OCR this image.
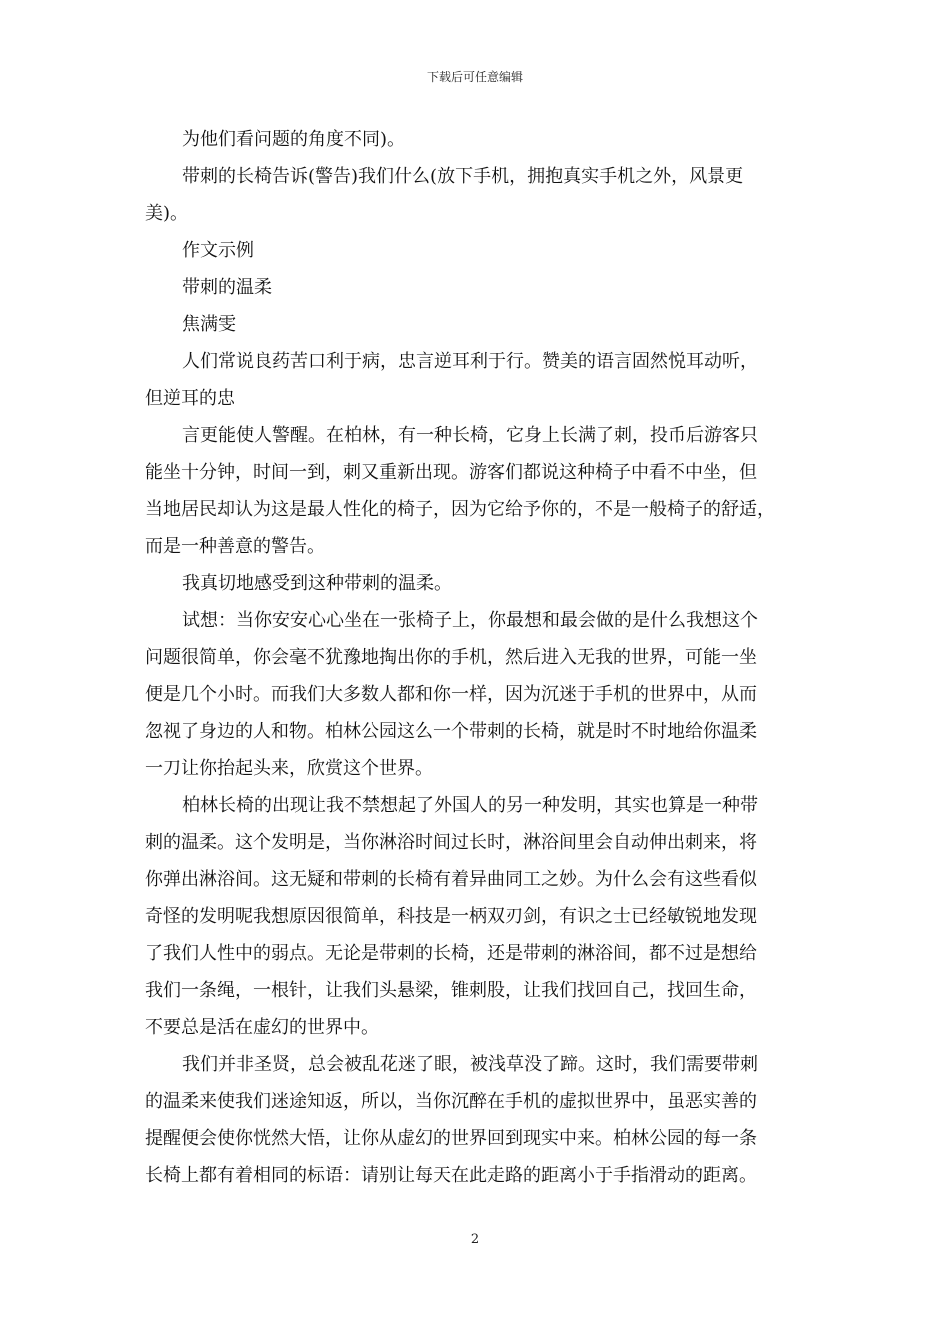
下载后可任意编辑
为他们看问题的角度不同)。
带刺的长椅告诉(警告)我们什么(放下手机，拥抱真实手机之外，风景更
美)。
作文示例
带刺的温柔
焦满雯
人们常说良药苦口利于病，忠言逆耳利于行。赞美的语言固然悦耳动听，
但逆耳的忠
言更能使人警醒。在柏林，有一种长椅，它身上长满了刺，投币后游客只
能坐十分钟，时间一到，刺又重新出现。游客们都说这种椅子中看不中坐，但
当地居民却认为这是最人性化的椅子，因为它给予你的，不是一般椅子的舒适，
而是一种善意的警告。
我真切地感受到这种带刺的温柔。
试想：当你安安心心坐在一张椅子上，你最想和最会做的是什么我想这个
问题很简单，你会毫不犹豫地掏出你的手机，然后进入无我的世界，可能一坐
便是几个小时。而我们大多数人都和你一样，因为沉迷于手机的世界中，从而
忽视了身边的人和物。柏林公园这么一个带刺的长椅，就是时不时地给你温柔
一刀让你抬起头来，欣赏这个世界。
柏林长椅的出现让我不禁想起了外国人的另一种发明，其实也算是一种带
刺的温柔。这个发明是，当你淋浴时间过长时，淋浴间里会自动伸出刺来，将
你弹出淋浴间。这无疑和带刺的长椅有着异曲同工之妙。为什么会有这些看似
奇怪的发明呢我想原因很简单，科技是一柄双刃剑，有识之士已经敏锐地发现
了我们人性中的弱点。无论是带刺的长椅，还是带刺的淋浴间，都不过是想给
我们一条绳，一根针，让我们头悬梁，锥刺股，让我们找回自己，找回生命，
不要总是活在虚幻的世界中。
我们并非圣贤，总会被乱花迷了眼，被浅草没了蹄。这时，我们需要带刺
的温柔来使我们迷途知返，所以，当你沉醉在手机的虚拟世界中，虽恶实善的
提醒便会使你恍然大悟，让你从虚幻的世界回到现实中来。柏林公园的每一条
长椅上都有着相同的标语：请别让每天在此走路的距离小于手指滑动的距离。
2
